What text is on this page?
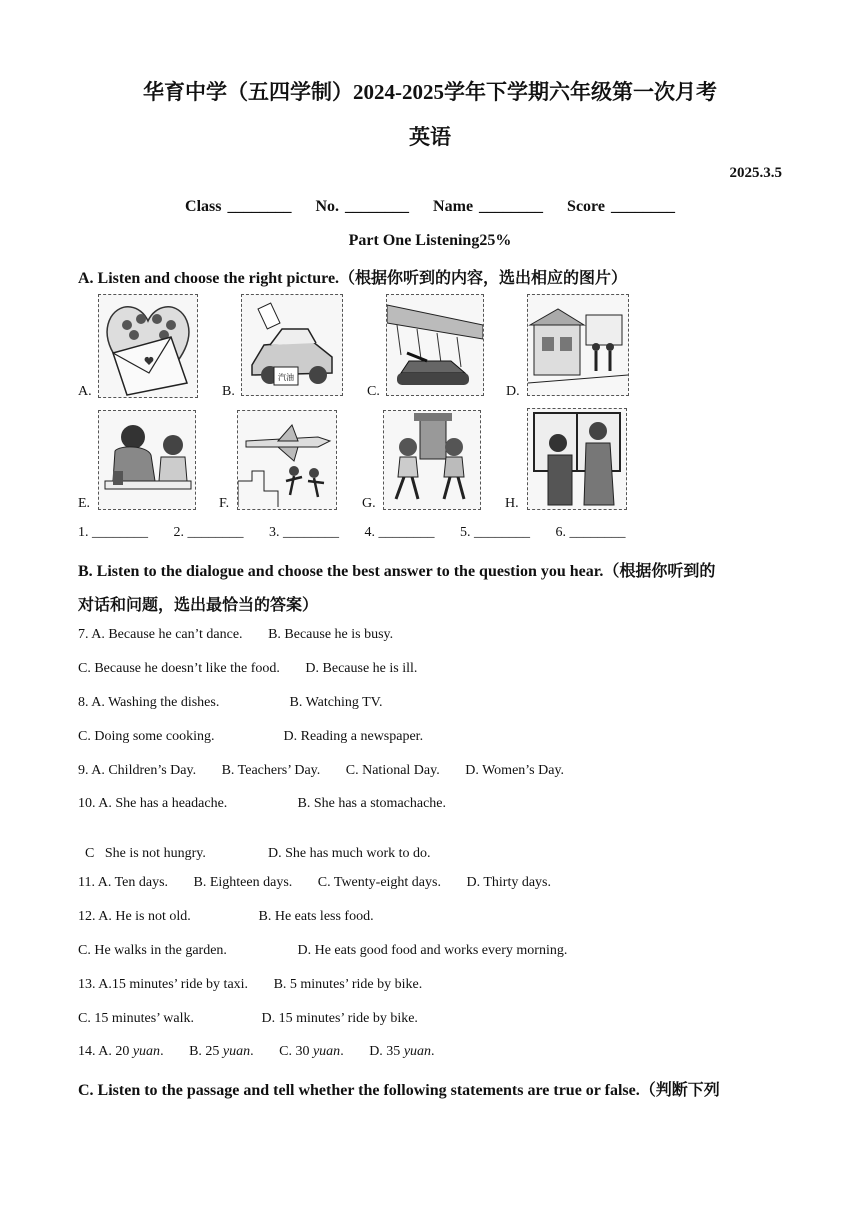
华育中学（五四学制）2024-2025学年下学期六年级第一次月考
英语
2025.3.5
Class ________    No. ________    Name ________    Score ________
Part One Listening25%
A. Listen and choose the right picture.（根据你听到的内容，选出相应的图片）
A.	B.
汽油
C.	D.
E.	F.	G.	H.
1. ________ 2. ________ 3. ________ 4. ________ 5. ________ 6. ________
B. Listen to the dialogue and choose the best answer to the question you hear.（根据你听到的
对话和问题，选出最恰当的答案）
7. A. Because he can’t dance. B. Because he is busy.
C. Because he doesn’t like the food. D. Because he is ill.
8. A. Washing the dishes.	B. Watching TV.
C. Doing some cooking.	D. Reading a newspaper.
9. A. Children’s Day. B. Teachers’ Day. C. National Day. D. Women’s Day.
10. A. She has a headache.	B. She has a stomachache.

C   She is not hungry.	D. She has much work to do.

11. A. Ten days. B. Eighteen days. C. Twenty-eight days. D. Thirty days.
12. A. He is not old.	B. He eats less food.
C. He walks in the garden.	D. He eats good food and works every morning.
13. A.15 minutes’ ride by taxi. B. 5 minutes’ ride by bike.
C. 15 minutes’ walk.	D. 15 minutes’ ride by bike.
14. A. 20 yuan. B. 25 yuan. C. 30 yuan. D. 35 yuan.
C. Listen to the passage and tell whether the following statements are true or false.（判断下列
